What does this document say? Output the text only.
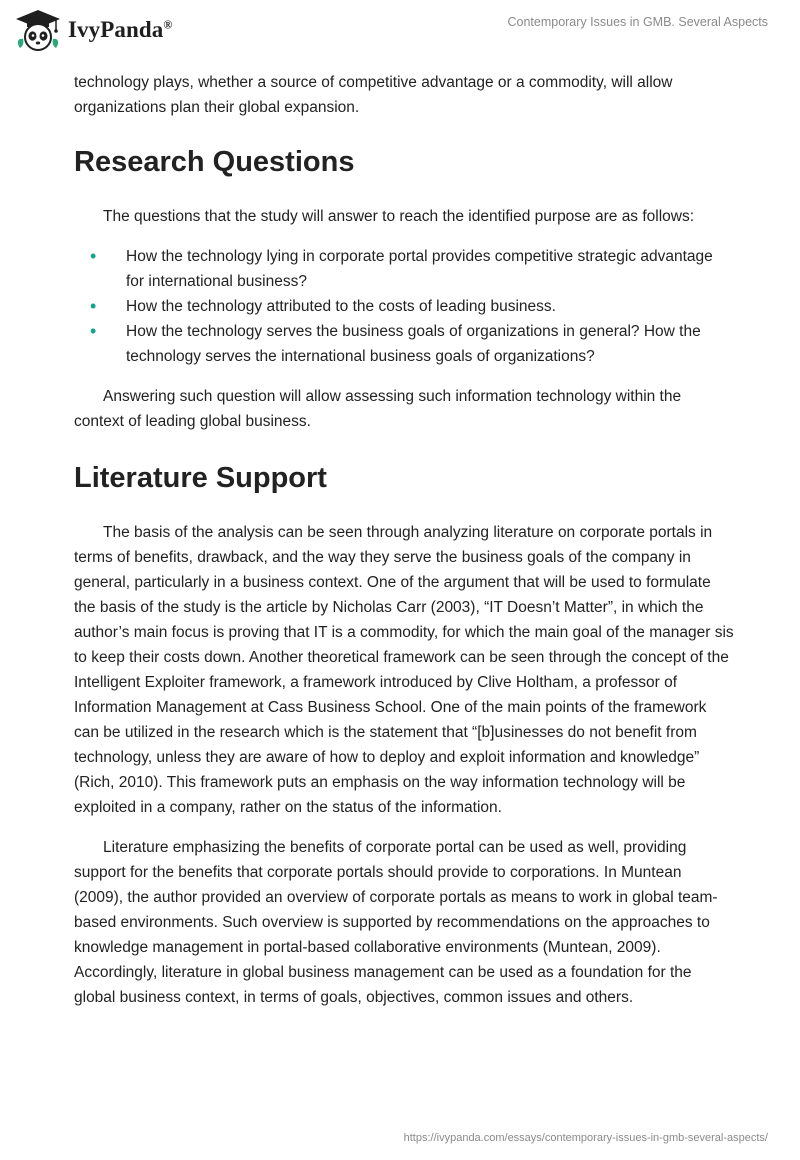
IvyPanda®	Contemporary Issues in GMB. Several Aspects

technology plays, whether a source of competitive advantage or a commodity, will allow organizations plan their global expansion.

Research Questions

The questions that the study will answer to reach the identified purpose are as follows:

• How the technology lying in corporate portal provides competitive strategic advantage for international business?
• How the technology attributed to the costs of leading business.
• How the technology serves the business goals of organizations in general? How the technology serves the international business goals of organizations?

Answering such question will allow assessing such information technology within the context of leading global business.

Literature Support

The basis of the analysis can be seen through analyzing literature on corporate portals in terms of benefits, drawback, and the way they serve the business goals of the company in general, particularly in a business context. One of the argument that will be used to formulate the basis of the study is the article by Nicholas Carr (2003), “IT Doesn’t Matter”, in which the author’s main focus is proving that IT is a commodity, for which the main goal of the manager sis to keep their costs down. Another theoretical framework can be seen through the concept of the Intelligent Exploiter framework, a framework introduced by Clive Holtham, a professor of Information Management at Cass Business School. One of the main points of the framework can be utilized in the research which is the statement that “[b]usinesses do not benefit from technology, unless they are aware of how to deploy and exploit information and knowledge” (Rich, 2010). This framework puts an emphasis on the way information technology will be exploited in a company, rather on the status of the information.

Literature emphasizing the benefits of corporate portal can be used as well, providing support for the benefits that corporate portals should provide to corporations. In Muntean (2009), the author provided an overview of corporate portals as means to work in global team-based environments. Such overview is supported by recommendations on the approaches to knowledge management in portal-based collaborative environments (Muntean, 2009). Accordingly, literature in global business management can be used as a foundation for the global business context, in terms of goals, objectives, common issues and others.

https://ivypanda.com/essays/contemporary-issues-in-gmb-several-aspects/
